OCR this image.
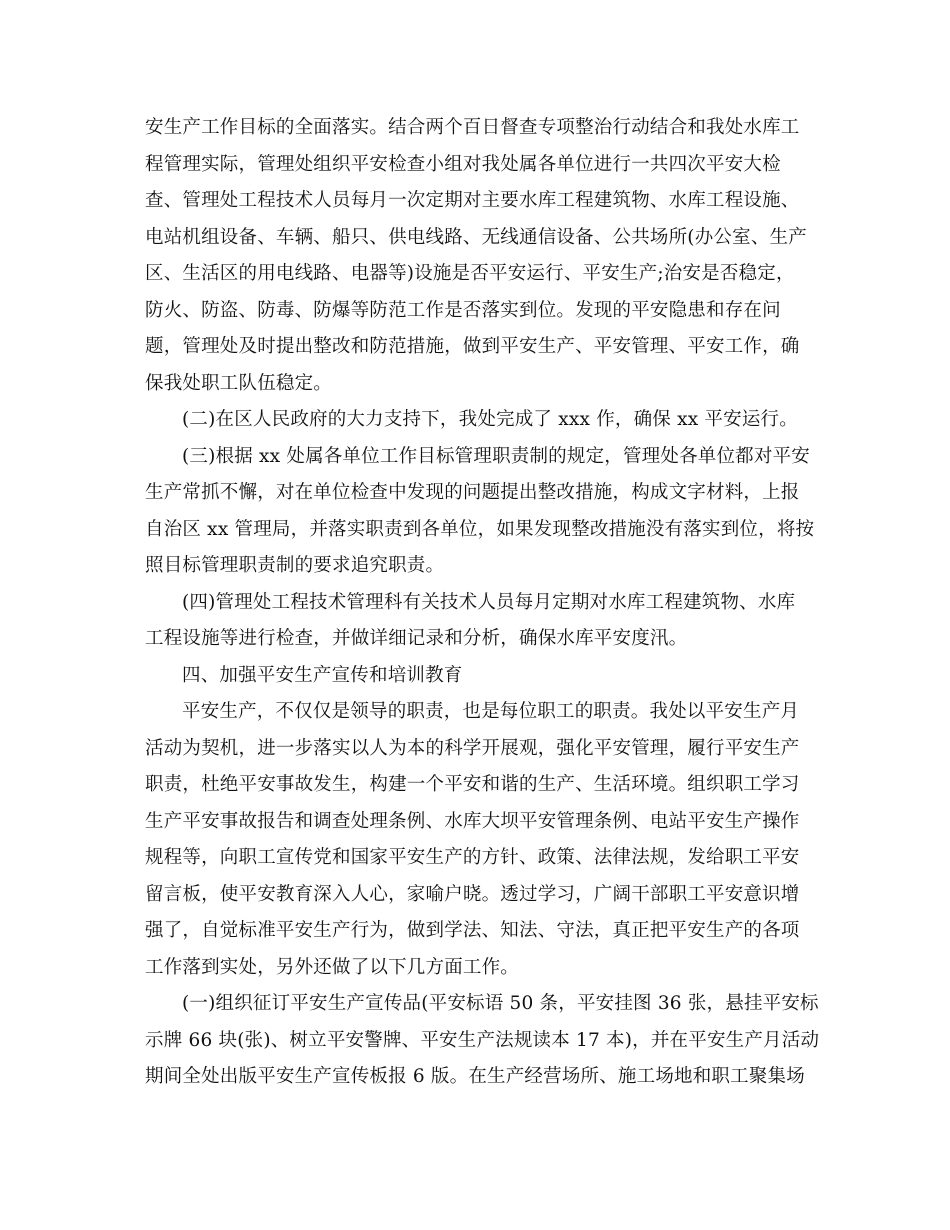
安生产工作目标的全面落实。结合两个百日督查专项整治行动结合和我处水库工
程管理实际，管理处组织平安检查小组对我处属各单位进行一共四次平安大检
查、管理处工程技术人员每月一次定期对主要水库工程建筑物、水库工程设施、
电站机组设备、车辆、船只、供电线路、无线通信设备、公共场所(办公室、生产
区、生活区的用电线路、电器等)设施是否平安运行、平安生产;治安是否稳定，
防火、防盗、防毒、防爆等防范工作是否落实到位。发现的平安隐患和存在问
题，管理处及时提出整改和防范措施，做到平安生产、平安管理、平安工作，确
保我处职工队伍稳定。
(二)在区人民政府的大力支持下，我处完成了 xxx 作，确保 xx 平安运行。
(三)根据 xx 处属各单位工作目标管理职责制的规定，管理处各单位都对平安
生产常抓不懈，对在单位检查中发现的问题提出整改措施，构成文字材料，上报
自治区 xx 管理局，并落实职责到各单位，如果发现整改措施没有落实到位，将按
照目标管理职责制的要求追究职责。
(四)管理处工程技术管理科有关技术人员每月定期对水库工程建筑物、水库
工程设施等进行检查，并做详细记录和分析，确保水库平安度汛。
四、加强平安生产宣传和培训教育
平安生产，不仅仅是领导的职责，也是每位职工的职责。我处以平安生产月
活动为契机，进一步落实以人为本的科学开展观，强化平安管理，履行平安生产
职责，杜绝平安事故发生，构建一个平安和谐的生产、生活环境。组织职工学习
生产平安事故报告和调查处理条例、水库大坝平安管理条例、电站平安生产操作
规程等，向职工宣传党和国家平安生产的方针、政策、法律法规，发给职工平安
留言板，使平安教育深入人心，家喻户晓。透过学习，广阔干部职工平安意识增
强了，自觉标准平安生产行为，做到学法、知法、守法，真正把平安生产的各项
工作落到实处，另外还做了以下几方面工作。
(一)组织征订平安生产宣传品(平安标语 50 条，平安挂图 36 张，悬挂平安标
示牌 66 块(张)、树立平安警牌、平安生产法规读本 17 本)，并在平安生产月活动
期间全处出版平安生产宣传板报 6 版。在生产经营场所、施工场地和职工聚集场
